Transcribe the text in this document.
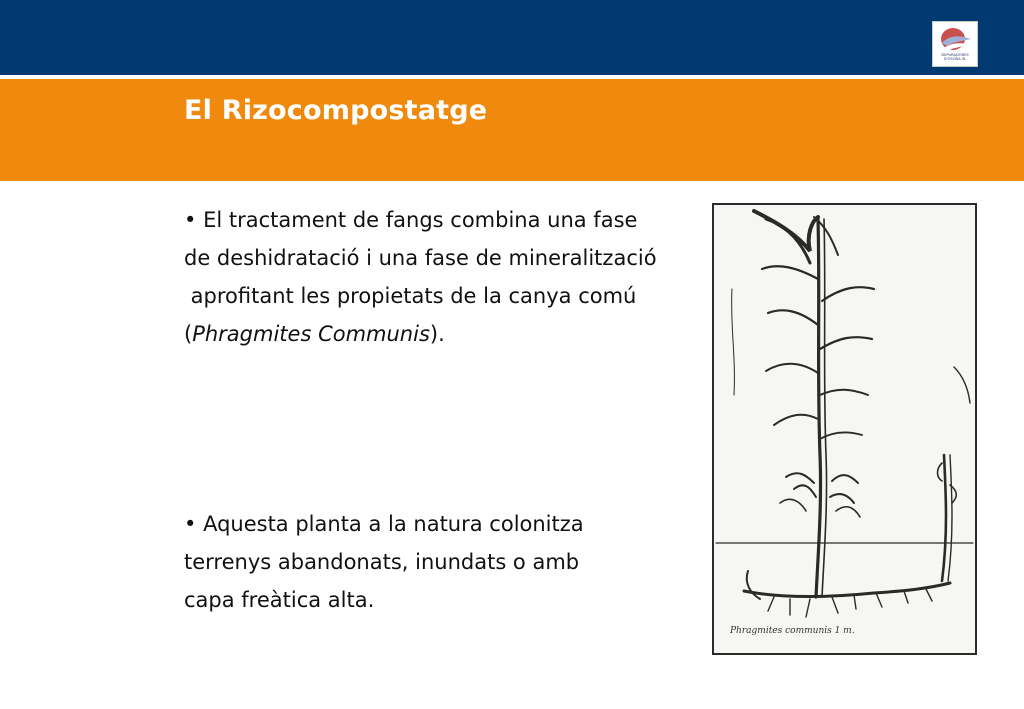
DEPURADORES
D'OSONA SL
El Rizocompostatge
• El tractament de fangs combina una fase
de deshidratació i una fase de mineralització
aprofitant les propietats de la canya comú
(Phragmites Communis).
• Aquesta planta a la natura colonitza
terrenys abandonats, inundats o amb
capa freàtica alta.
Phragmites communis 1 m.
